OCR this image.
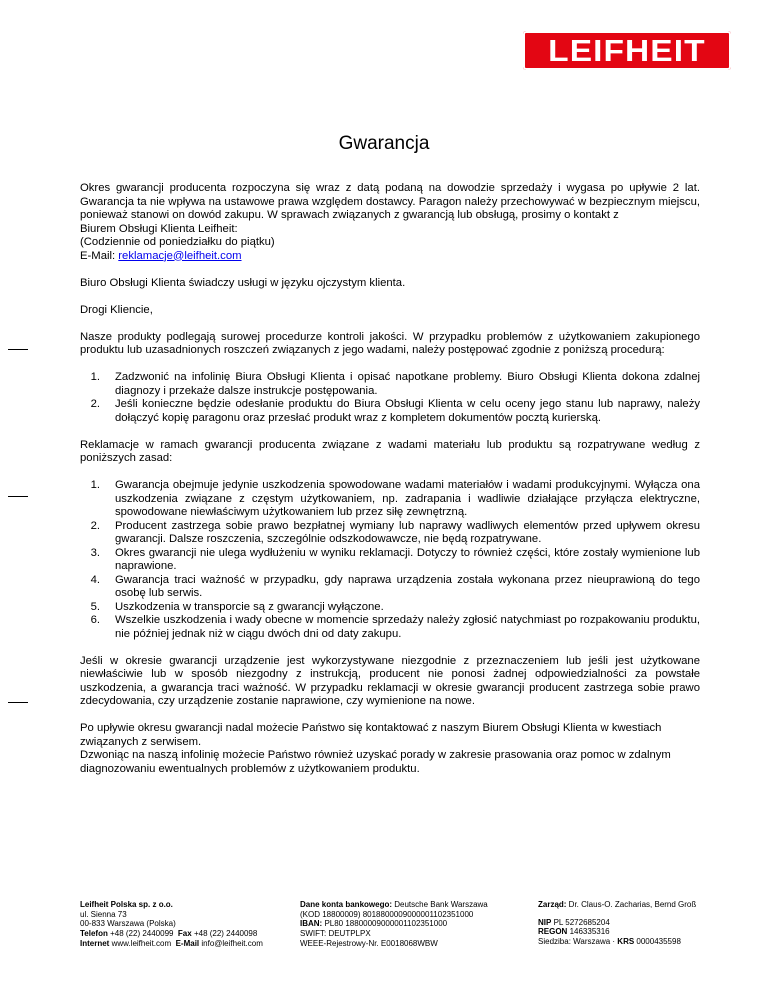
LEIFHEIT
Gwarancja

Okres gwarancji producenta rozpoczyna się wraz z datą podaną na dowodzie sprzedaży i wygasa po upływie 2 lat. Gwarancja ta nie wpływa na ustawowe prawa względem dostawcy. Paragon należy przechowywać w bezpiecznym miejscu, ponieważ stanowi on dowód zakupu. W sprawach związanych z gwarancją lub obsługą, prosimy o kontakt z
Biurem Obsługi Klienta Leifheit:
(Codziennie od poniedziałku do piątku)
E-Mail: reklamacje@leifheit.com

Biuro Obsługi Klienta świadczy usługi w języku ojczystym klienta.

Drogi Kliencie,

Nasze produkty podlegają surowej procedurze kontroli jakości. W przypadku problemów z użytkowaniem zakupionego produktu lub uzasadnionych roszczeń związanych z jego wadami, należy postępować zgodnie z poniższą procedurą:

1. Zadzwonić na infolinię Biura Obsługi Klienta i opisać napotkane problemy. Biuro Obsługi Klienta dokona zdalnej diagnozy i przekaże dalsze instrukcje postępowania.
2. Jeśli konieczne będzie odesłanie produktu do Biura Obsługi Klienta w celu oceny jego stanu lub naprawy, należy dołączyć kopię paragonu oraz przesłać produkt wraz z kompletem dokumentów pocztą kurierską.

Reklamacje w ramach gwarancji producenta związane z wadami materiału lub produktu są rozpatrywane według z poniższych zasad:

1. Gwarancja obejmuje jedynie uszkodzenia spowodowane wadami materiałów i wadami produkcyjnymi. Wyłącza ona uszkodzenia związane z częstym użytkowaniem, np. zadrapania i wadliwie działające przyłącza elektryczne, spowodowane niewłaściwym użytkowaniem lub przez siłę zewnętrzną.
2. Producent zastrzega sobie prawo bezpłatnej wymiany lub naprawy wadliwych elementów przed upływem okresu gwarancji. Dalsze roszczenia, szczególnie odszkodowawcze, nie będą rozpatrywane.
3. Okres gwarancji nie ulega wydłużeniu w wyniku reklamacji. Dotyczy to również części, które zostały wymienione lub naprawione.
4. Gwarancja traci ważność w przypadku, gdy naprawa urządzenia została wykonana przez nieuprawioną do tego osobę lub serwis.
5. Uszkodzenia w transporcie są z gwarancji wyłączone.
6. Wszelkie uszkodzenia i wady obecne w momencie sprzedaży należy zgłosić natychmiast po rozpakowaniu produktu, nie później jednak niż w ciągu dwóch dni od daty zakupu.

Jeśli w okresie gwarancji urządzenie jest wykorzystywane niezgodnie z przeznaczeniem lub jeśli jest użytkowane niewłaściwie lub w sposób niezgodny z instrukcją, producent nie ponosi żadnej odpowiedzialności za powstałe uszkodzenia, a gwarancja traci ważność. W przypadku reklamacji w okresie gwarancji producent zastrzega sobie prawo zdecydowania, czy urządzenie zostanie naprawione, czy wymienione na nowe.

Po upływie okresu gwarancji nadal możecie Państwo się kontaktować z naszym Biurem Obsługi Klienta w kwestiach związanych z serwisem.
Dzwoniąc na naszą infolinię możecie Państwo również uzyskać porady w zakresie prasowania oraz pomoc w zdalnym diagnozowaniu ewentualnych problemów z użytkowaniem produktu.

Leifheit Polska sp. z o.o.
ul. Sienna 73
00-833 Warszawa (Polska)
Telefon +48 (22) 2440099 Fax +48 (22) 2440098
Internet www.leifheit.com E-Mail info@leifheit.com
Dane konta bankowego: Deutsche Bank Warszawa
(KOD 18800009) 8018800009000001102351000
IBAN: PL80 18800009000001102351000
SWIFT: DEUTPLPX
WEEE-Rejestrowy-Nr. E0018068WBW
Zarząd: Dr. Claus-O. Zacharias, Bernd Groß
NIP PL 5272685204
REGON 146335316
Siedziba: Warszawa · KRS 0000435598
